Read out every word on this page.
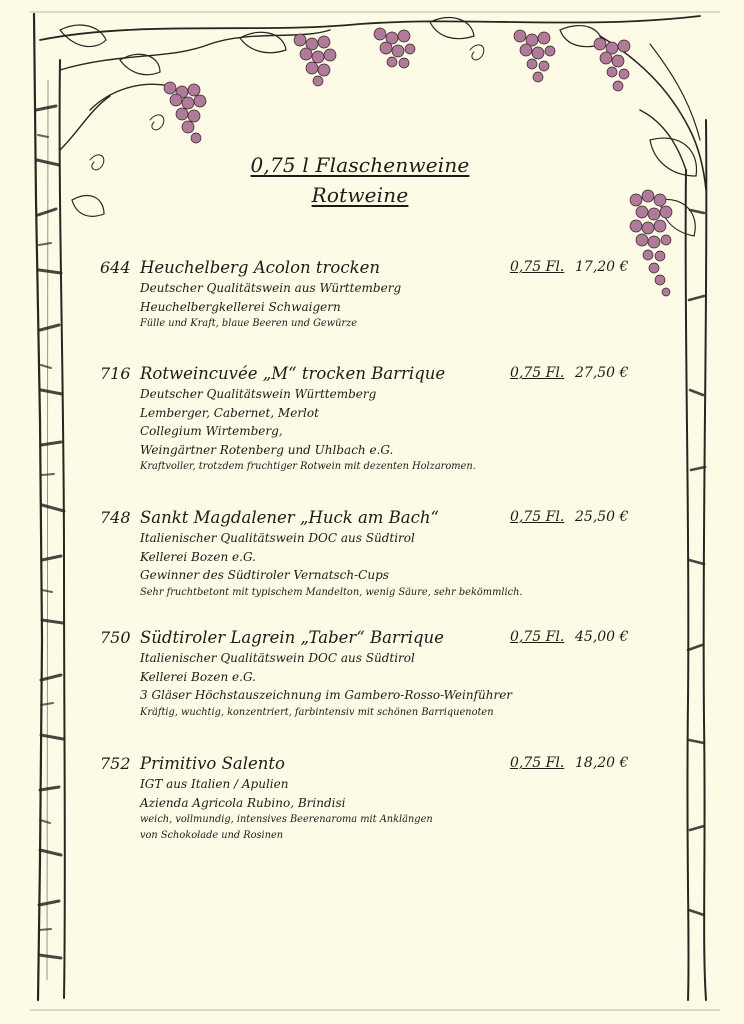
0,75 l Flaschenweine
Rotweine
644 Heuchelberg Acolon trocken	0,75 Fl. 17,20 €
Deutscher Qualitätswein aus Württemberg
Heuchelbergkellerei Schwaigern
Fülle und Kraft, blaue Beeren und Gewürze
716 Rotweincuvée „M“ trocken Barrique	0,75 Fl. 27,50 €
Deutscher Qualitätswein Württemberg
Lemberger, Cabernet, Merlot
Collegium Wirtemberg,
Weingärtner Rotenberg und Uhlbach e.G.
Kraftvoller, trotzdem fruchtiger Rotwein mit dezenten Holzaromen.
748 Sankt Magdalener „Huck am Bach“	0,75 Fl. 25,50 €
Italienischer Qualitätswein DOC aus Südtirol
Kellerei Bozen e.G.
Gewinner des Südtiroler Vernatsch-Cups
Sehr fruchtbetont mit typischem Mandelton, wenig Säure, sehr bekömmlich.
750 Südtiroler Lagrein „Taber“ Barrique	0,75 Fl. 45,00 €
Italienischer Qualitätswein DOC aus Südtirol
Kellerei Bozen e.G.
3 Gläser Höchstauszeichnung im Gambero-Rosso-Weinführer
Kräftig, wuchtig, konzentriert, farbintensiv mit schönen Barriquenoten
752 Primitivo Salento	0,75 Fl. 18,20 €
IGT aus Italien / Apulien
Azienda Agricola Rubino, Brindisi
weich, vollmundig, intensives Beerenaroma mit Anklängen
von Schokolade und Rosinen
